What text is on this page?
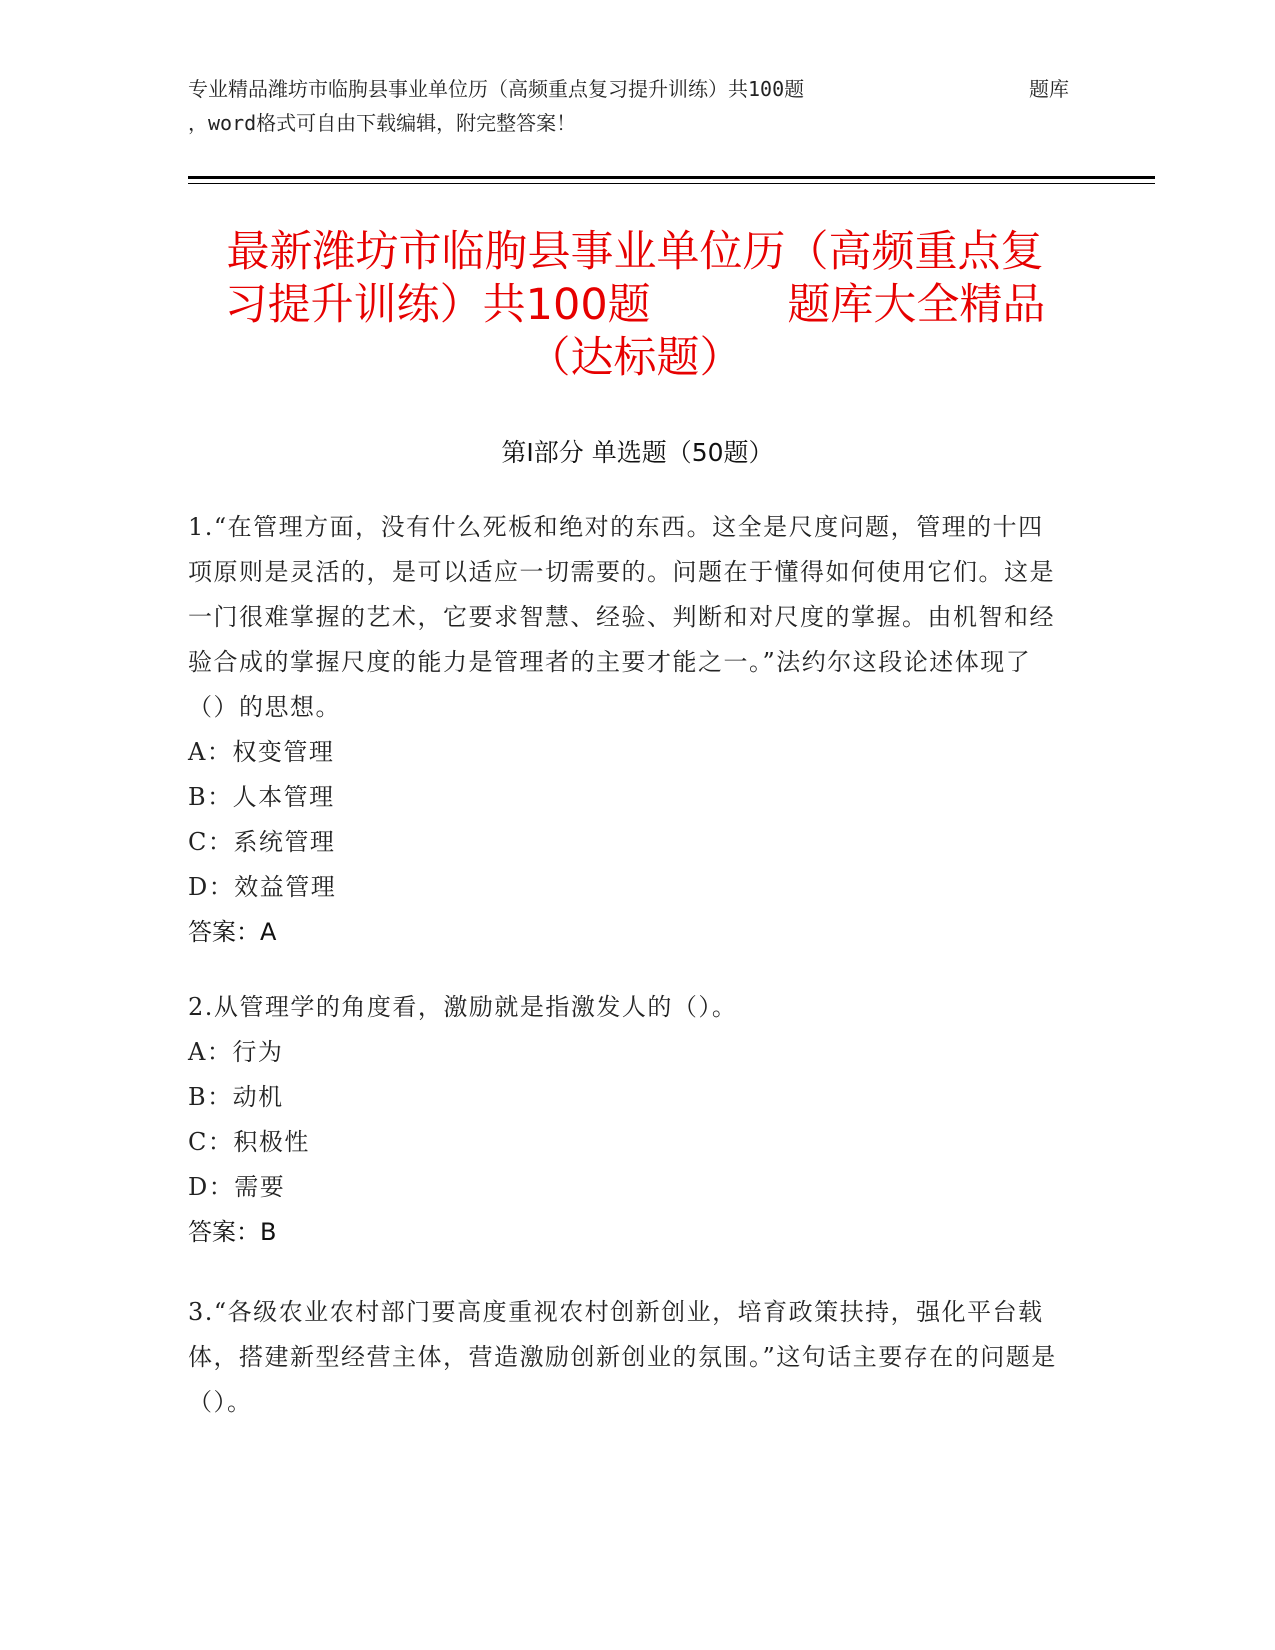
专业精品潍坊市临朐县事业单位历（高频重点复习提升训练）共100题	题库
，word格式可自由下载编辑，附完整答案！
最新潍坊市临朐县事业单位历（高频重点复
习提升训练）共100题          题库大全精品
（达标题）
第Ⅰ部分 单选题（50题）

1.“在管理方面，没有什么死板和绝对的东西。这全是尺度问题，管理的十四项原则是灵活的，是可以适应一切需要的。问题在于懂得如何使用它们。这是一门很难掌握的艺术，它要求智慧、经验、判断和对尺度的掌握。由机智和经验合成的掌握尺度的能力是管理者的主要才能之一。”法约尔这段论述体现了（）的思想。

A：权变管理
B：人本管理
C：系统管理
D：效益管理
答案：A

2.从管理学的角度看，激励就是指激发人的（）。

A：行为
B：动机
C：积极性
D：需要
答案：B

3.“各级农业农村部门要高度重视农村创新创业，培育政策扶持，强化平台载体，搭建新型经营主体，营造激励创新创业的氛围。”这句话主要存在的问题是（）。
